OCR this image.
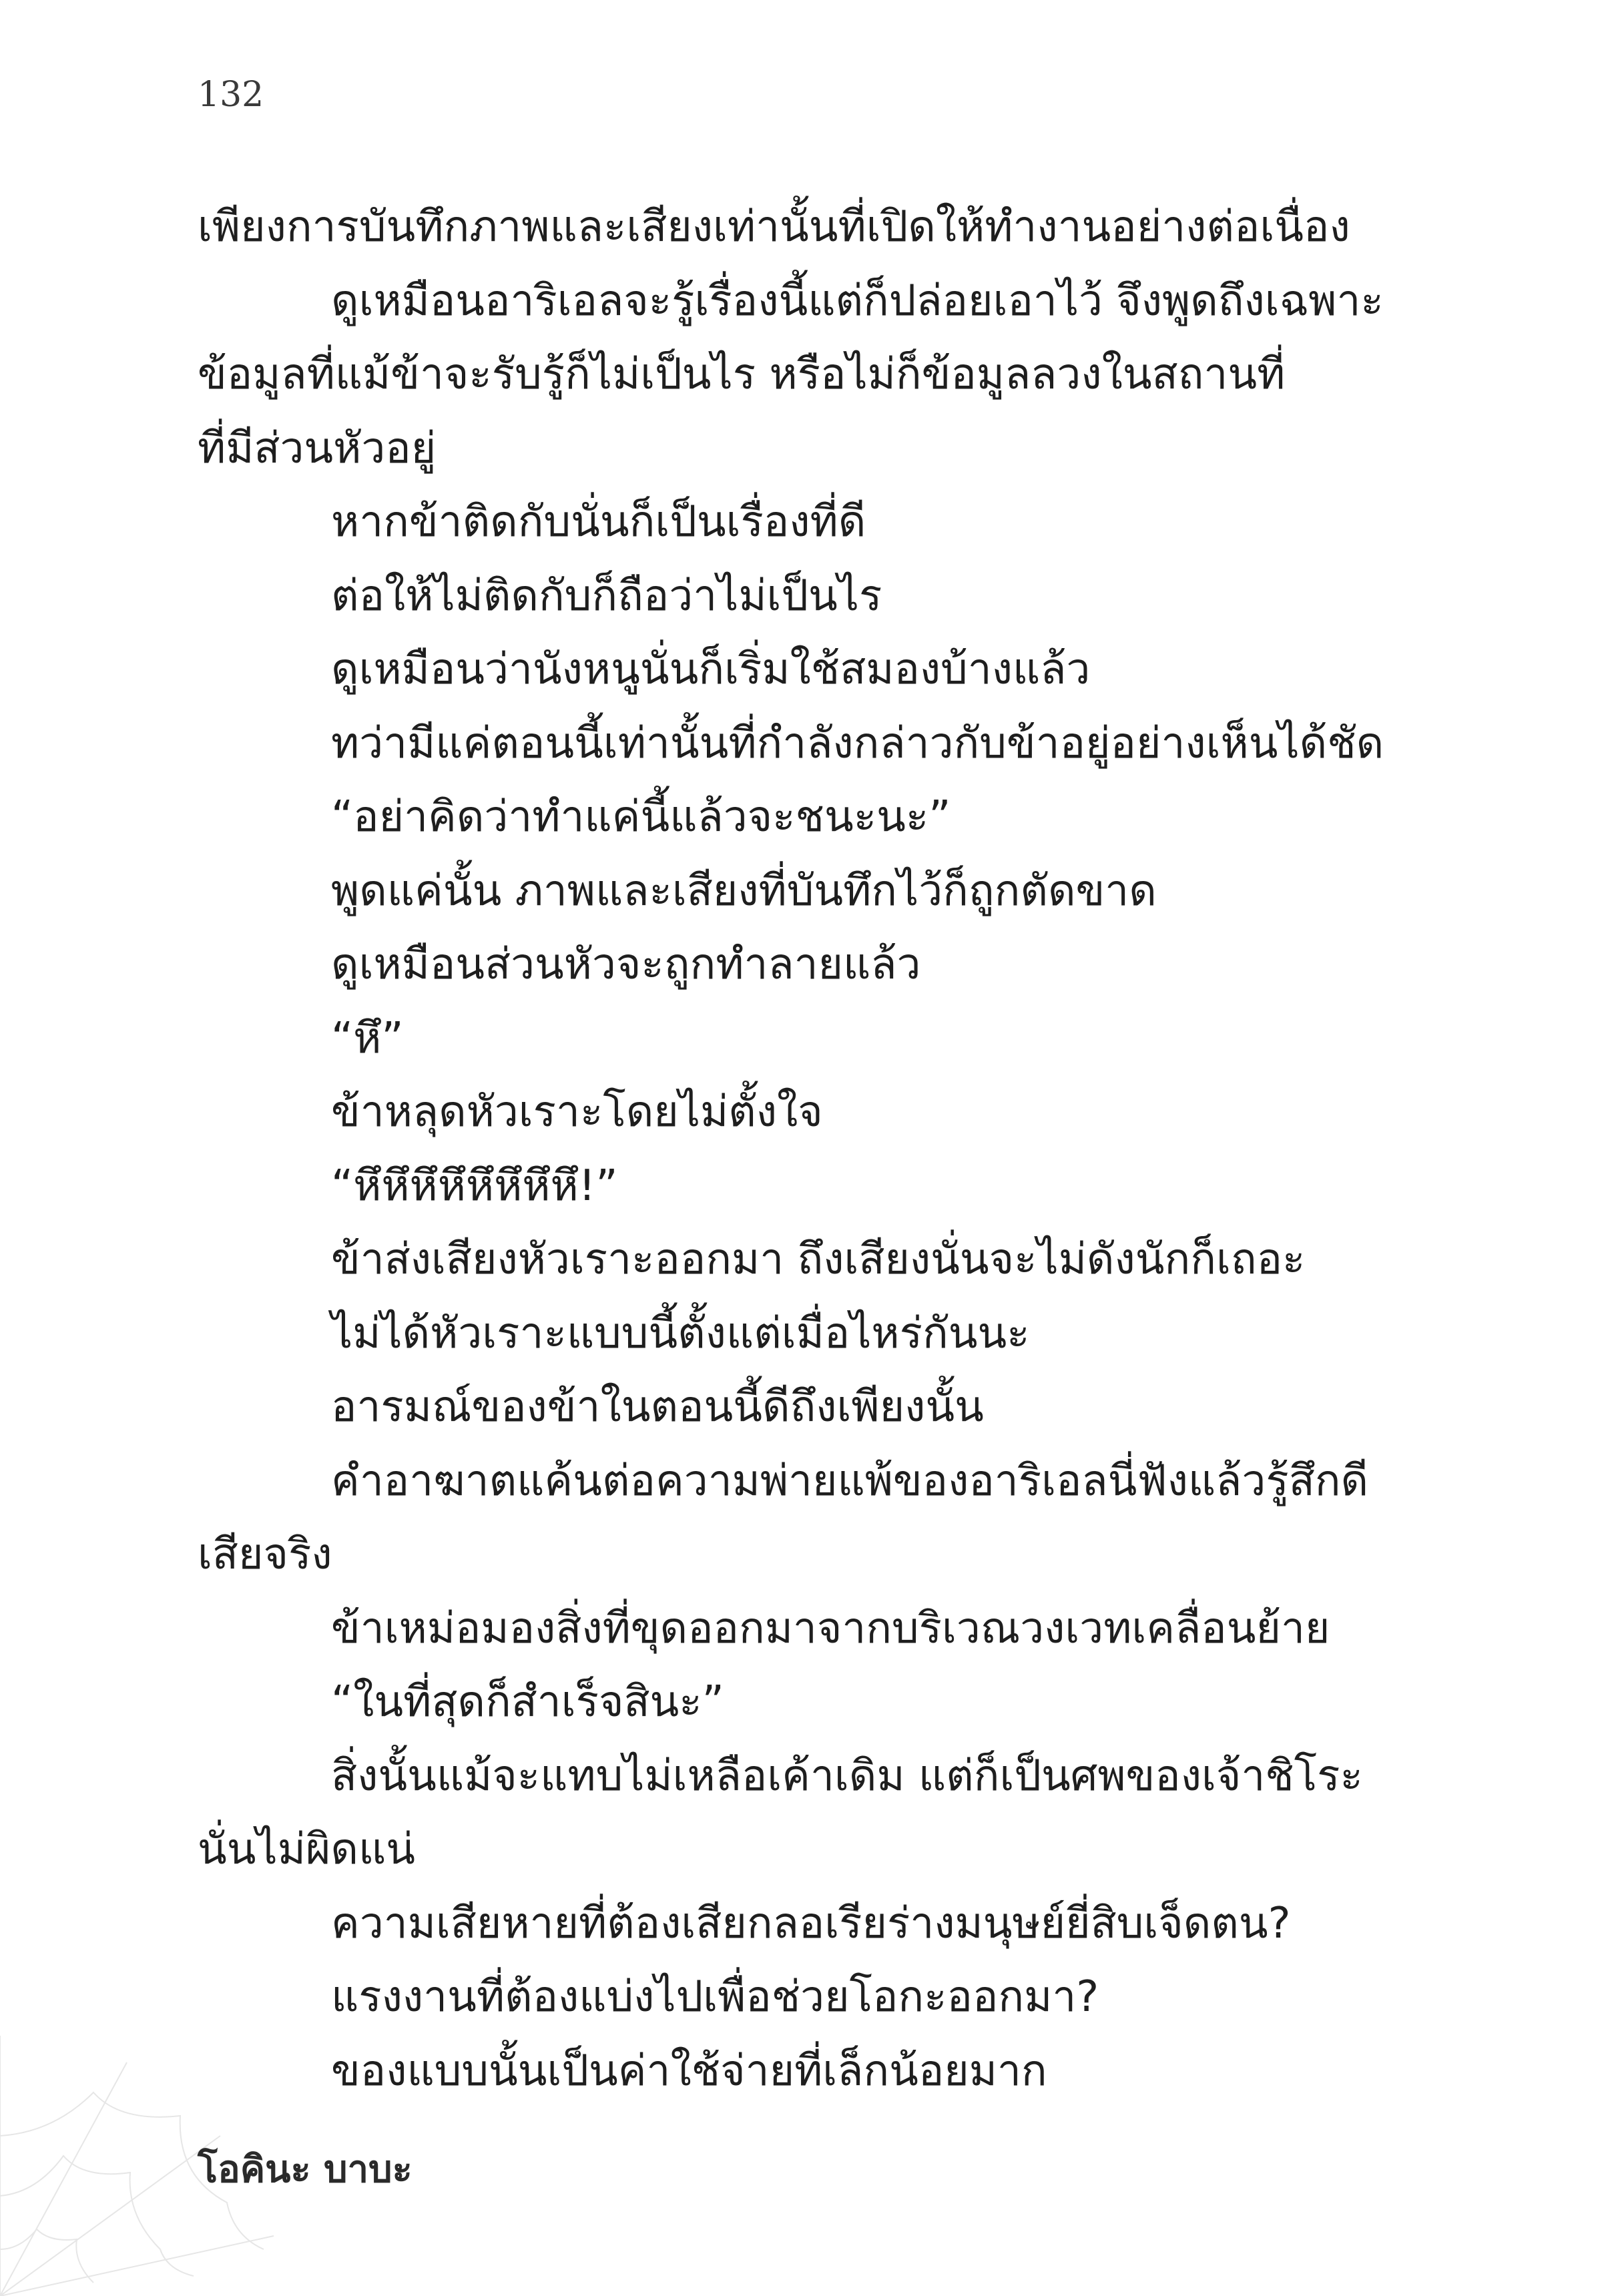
132
เพียงการบันทึกภาพและเสียงเท่านั้นที่เปิดให้ทำงานอย่างต่อเนื่อง
ดูเหมือนอาริเอลจะรู้เรื่องนี้แต่ก็ปล่อยเอาไว้ จึงพูดถึงเฉพาะ
ข้อมูลที่แม้ข้าจะรับรู้ก็ไม่เป็นไร หรือไม่ก็ข้อมูลลวงในสถานที่
ที่มีส่วนหัวอยู่
หากข้าติดกับนั่นก็เป็นเรื่องที่ดี
ต่อให้ไม่ติดกับก็ถือว่าไม่เป็นไร
ดูเหมือนว่านังหนูนั่นก็เริ่มใช้สมองบ้างแล้ว
ทว่ามีแค่ตอนนี้เท่านั้นที่กำลังกล่าวกับข้าอยู่อย่างเห็นได้ชัด
“อย่าคิดว่าทำแค่นี้แล้วจะชนะนะ”
พูดแค่นั้น ภาพและเสียงที่บันทึกไว้ก็ถูกตัดขาด
ดูเหมือนส่วนหัวจะถูกทำลายแล้ว
“หึ”
ข้าหลุดหัวเราะโดยไม่ตั้งใจ
“หึหึหึหึหึหึหึหึ!”
ข้าส่งเสียงหัวเราะออกมา ถึงเสียงนั่นจะไม่ดังนักก็เถอะ
ไม่ได้หัวเราะแบบนี้ตั้งแต่เมื่อไหร่กันนะ
อารมณ์ของข้าในตอนนี้ดีถึงเพียงนั้น
คำอาฆาตแค้นต่อความพ่ายแพ้ของอาริเอลนี่ฟังแล้วรู้สึกดี
เสียจริง
ข้าเหม่อมองสิ่งที่ขุดออกมาจากบริเวณวงเวทเคลื่อนย้าย
“ในที่สุดก็สำเร็จสินะ”
สิ่งนั้นแม้จะแทบไม่เหลือเค้าเดิม แต่ก็เป็นศพของเจ้าชิโระ
นั่นไม่ผิดแน่
ความเสียหายที่ต้องเสียกลอเรียร่างมนุษย์ยี่สิบเจ็ดตน?
แรงงานที่ต้องแบ่งไปเพื่อช่วยโอกะออกมา?
ของแบบนั้นเป็นค่าใช้จ่ายที่เล็กน้อยมาก
โอคินะ บาบะ
